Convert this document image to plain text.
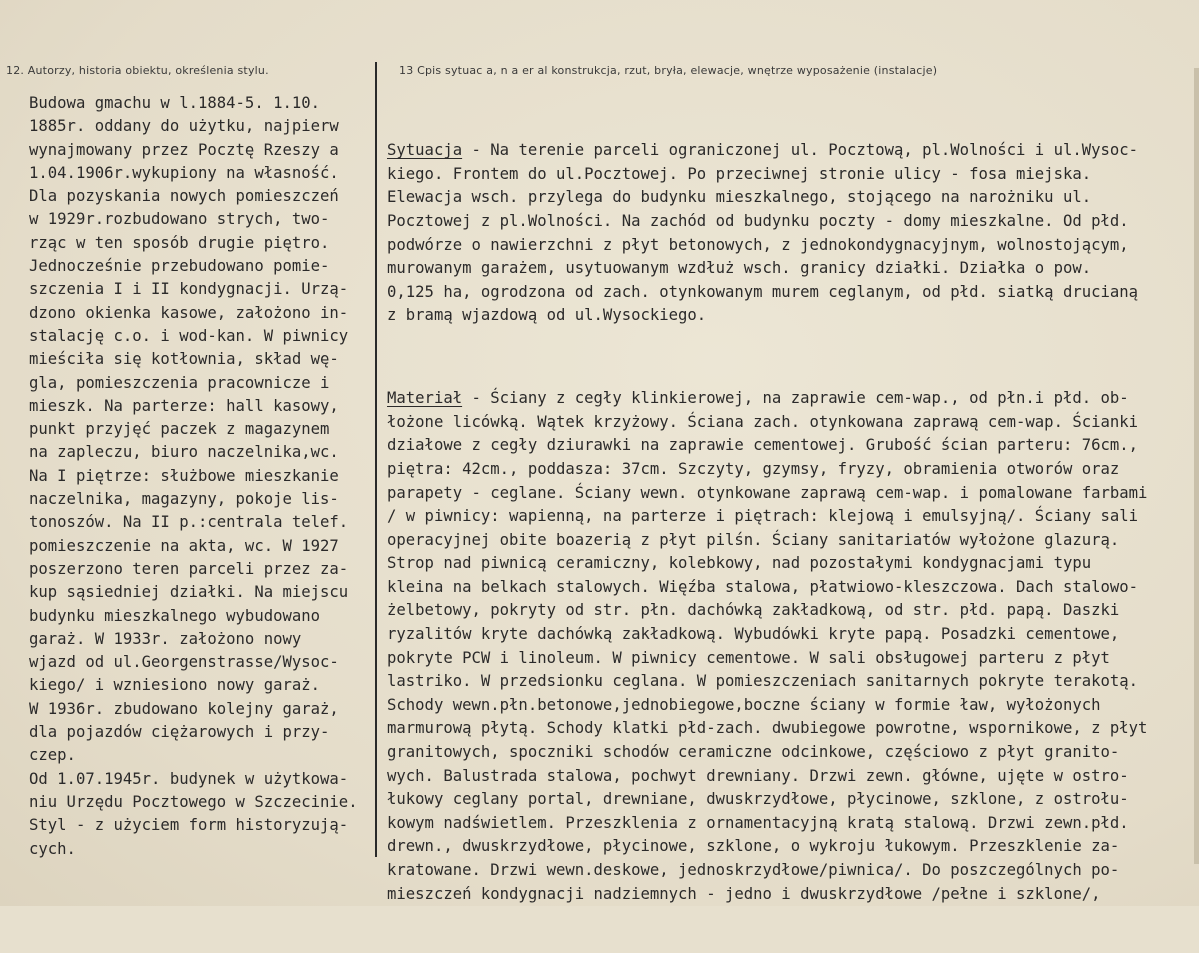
12. Autorzy, historia obiektu, określenia stylu.	13 Cpis sytuac a, n a er al konstrukcja, rzut, bryła, elewacje, wnętrze wyposażenie (instalacje)
Budowa gmachu w l.1884-5. 1.10.
1885r. oddany do użytku, najpierw
wynajmowany przez Pocztę Rzeszy a
1.04.1906r.wykupiony na własność.
Dla pozyskania nowych pomieszczeń
w 1929r.rozbudowano strych, two-
rząc w ten sposób drugie piętro.
Jednocześnie przebudowano pomie-
szczenia I i II kondygnacji. Urzą-
dzono okienka kasowe, założono in-
stalację c.o. i wod-kan. W piwnicy
mieściła się kotłownia, skład wę-
gla, pomieszczenia pracownicze i
mieszk. Na parterze: hall kasowy,
punkt przyjęć paczek z magazynem
na zapleczu, biuro naczelnika,wc.
Na I piętrze: służbowe mieszkanie
naczelnika, magazyny, pokoje lis-
tonoszów. Na II p.:centrala telef.
pomieszczenie na akta, wc. W 1927
poszerzono teren parceli przez za-
kup sąsiedniej działki. Na miejscu
budynku mieszkalnego wybudowano
garaż. W 1933r. założono nowy
wjazd od ul.Georgenstrasse/Wysoc-
kiego/ i wzniesiono nowy garaż.
W 1936r. zbudowano kolejny garaż,
dla pojazdów ciężarowych i przy-
czep.
Od 1.07.1945r. budynek w użytkowa-
niu Urzędu Pocztowego w Szczecinie.
Styl - z użyciem form historyzują-
cych.

Sytuacja - Na terenie parceli ograniczonej ul. Pocztową, pl.Wolności i ul.Wysoc-
kiego. Frontem do ul.Pocztowej. Po przeciwnej stronie ulicy - fosa miejska.
Elewacja wsch. przylega do budynku mieszkalnego, stojącego na narożniku ul.
Pocztowej z pl.Wolności. Na zachód od budynku poczty - domy mieszkalne. Od płd.
podwórze o nawierzchni z płyt betonowych, z jednokondygnacyjnym, wolnostojącym,
murowanym garażem, usytuowanym wzdłuż wsch. granicy działki. Działka o pow.
0,125 ha, ogrodzona od zach. otynkowanym murem ceglanym, od płd. siatką drucianą
z bramą wjazdową od ul.Wysockiego.

Materiał - Ściany z cegły klinkierowej, na zaprawie cem-wap., od płn.i płd. ob-
łożone licówką. Wątek krzyżowy. Ściana zach. otynkowana zaprawą cem-wap. Ścianki
działowe z cegły dziurawki na zaprawie cementowej. Grubość ścian parteru: 76cm.,
piętra: 42cm., poddasza: 37cm. Szczyty, gzymsy, fryzy, obramienia otworów oraz
parapety - ceglane. Ściany wewn. otynkowane zaprawą cem-wap. i pomalowane farbami
/ w piwnicy: wapienną, na parterze i piętrach: klejową i emulsyjną/. Ściany sali
operacyjnej obite boazerią z płyt pilśn. Ściany sanitariatów wyłożone glazurą.
Strop nad piwnicą ceramiczny, kolebkowy, nad pozostałymi kondygnacjami typu
kleina na belkach stalowych. Więźba stalowa, płatwiowo-kleszczowa. Dach stalowo-
żelbetowy, pokryty od str. płn. dachówką zakładkową, od str. płd. papą. Daszki
ryzalitów kryte dachówką zakładkową. Wybudówki kryte papą. Posadzki cementowe,
pokryte PCW i linoleum. W piwnicy cementowe. W sali obsługowej parteru z płyt
lastriko. W przedsionku ceglana. W pomieszczeniach sanitarnych pokryte terakotą.
Schody wewn.płn.betonowe,jednobiegowe,boczne ściany w formie ław, wyłożonych
marmurową płytą. Schody klatki płd-zach. dwubiegowe powrotne, wspornikowe, z płyt
granitowych, spoczniki schodów ceramiczne odcinkowe, częściowo z płyt granito-
wych. Balustrada stalowa, pochwyt drewniany. Drzwi zewn. główne, ujęte w ostro-
łukowy ceglany portal, drewniane, dwuskrzydłowe, płycinowe, szklone, z ostrołu-
kowym nadświetlem. Przeszklenia z ornamentacyjną kratą stalową. Drzwi zewn.płd.
drewn., dwuskrzydłowe, płycinowe, szklone, o wykroju łukowym. Przeszklenie za-
kratowane. Drzwi wewn.deskowe, jednoskrzydłowe/piwnica/. Do poszczególnych po-
mieszczeń kondygnacji nadziemnych - jedno i dwuskrzydłowe /pełne i szklone/,
